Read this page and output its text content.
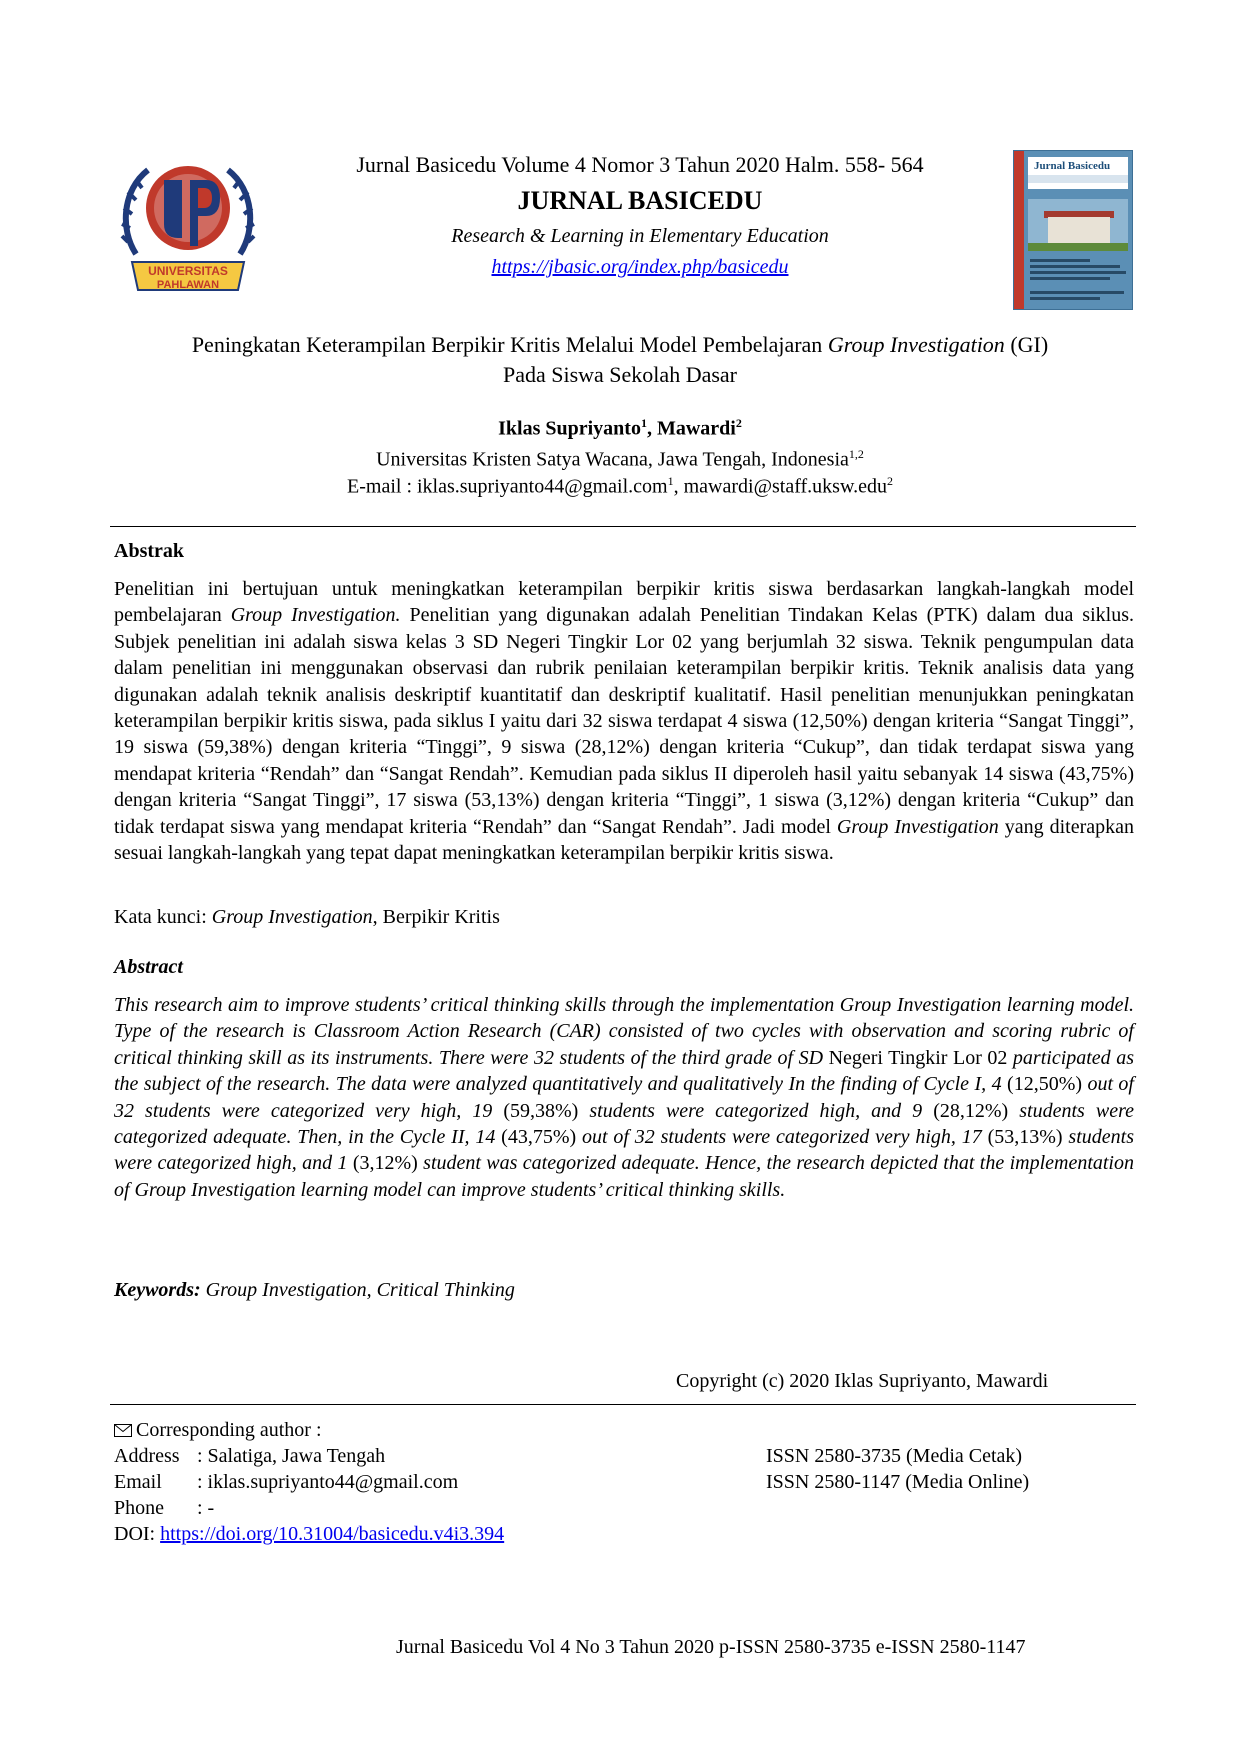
UNIVERSITAS
PAHLAWAN
Jurnal Basicedu Volume 4 Nomor 3 Tahun 2020 Halm. 558- 564
JURNAL BASICEDU
Research & Learning in Elementary Education
https://jbasic.org/index.php/basicedu
Jurnal Basicedu
Peningkatan Keterampilan Berpikir Kritis Melalui Model Pembelajaran Group Investigation (GI)
Pada Siswa Sekolah Dasar
Iklas Supriyanto$^1$, Mawardi$^2$
Universitas Kristen Satya Wacana, Jawa Tengah, Indonesia$^{1,2}$
E-mail : iklas.supriyanto44@gmail.com$^1$, mawardi@staff.uksw.edu$^2$
Abstrak
Penelitian ini bertujuan untuk meningkatkan keterampilan berpikir kritis siswa berdasarkan langkah-langkah model pembelajaran Group Investigation. Penelitian yang digunakan adalah Penelitian Tindakan Kelas (PTK) dalam dua siklus. Subjek penelitian ini adalah siswa kelas 3 SD Negeri Tingkir Lor 02 yang berjumlah 32 siswa. Teknik pengumpulan data dalam penelitian ini menggunakan observasi dan rubrik penilaian keterampilan berpikir kritis. Teknik analisis data yang digunakan adalah teknik analisis deskriptif kuantitatif dan deskriptif kualitatif. Hasil penelitian menunjukkan peningkatan keterampilan berpikir kritis siswa, pada siklus I yaitu dari 32 siswa terdapat 4 siswa (12,50%) dengan kriteria “Sangat Tinggi”, 19 siswa (59,38%) dengan kriteria “Tinggi”, 9 siswa (28,12%) dengan kriteria “Cukup”, dan tidak terdapat siswa yang mendapat kriteria “Rendah” dan “Sangat Rendah”. Kemudian pada siklus II diperoleh hasil yaitu sebanyak 14 siswa (43,75%) dengan kriteria “Sangat Tinggi”, 17 siswa (53,13%) dengan kriteria “Tinggi”, 1 siswa (3,12%) dengan kriteria “Cukup” dan tidak terdapat siswa yang mendapat kriteria “Rendah” dan “Sangat Rendah”. Jadi model Group Investigation yang diterapkan sesuai langkah-langkah yang tepat dapat meningkatkan keterampilan berpikir kritis siswa.
Kata kunci: Group Investigation, Berpikir Kritis
Abstract
This research aim to improve students’ critical thinking skills through the implementation Group Investigation learning model. Type of the research is Classroom Action Research (CAR) consisted of two cycles with observation and scoring rubric of critical thinking skill as its instruments. There were 32 students of the third grade of SD Negeri Tingkir Lor 02 participated as the subject of the research. The data were analyzed quantitatively and qualitatively In the finding of Cycle I, 4 (12,50%) out of 32 students were categorized very high, 19 (59,38%) students were categorized high, and 9 (28,12%) students were categorized adequate. Then, in the Cycle II, 14 (43,75%) out of 32 students were categorized very high, 17 (53,13%) students were categorized high, and 1 (3,12%) student was categorized adequate. Hence, the research depicted that the implementation of Group Investigation learning model can improve students’ critical thinking skills.
Keywords: Group Investigation, Critical Thinking
Copyright (c) 2020 Iklas Supriyanto, Mawardi
Corresponding author :
Address : Salatiga, Jawa Tengah
Email : iklas.supriyanto44@gmail.com
Phone : -
DOI: https://doi.org/10.31004/basicedu.v4i3.394
ISSN 2580-3735 (Media Cetak)
ISSN 2580-1147 (Media Online)
Jurnal Basicedu Vol 4 No 3 Tahun 2020 p-ISSN 2580-3735 e-ISSN 2580-1147
